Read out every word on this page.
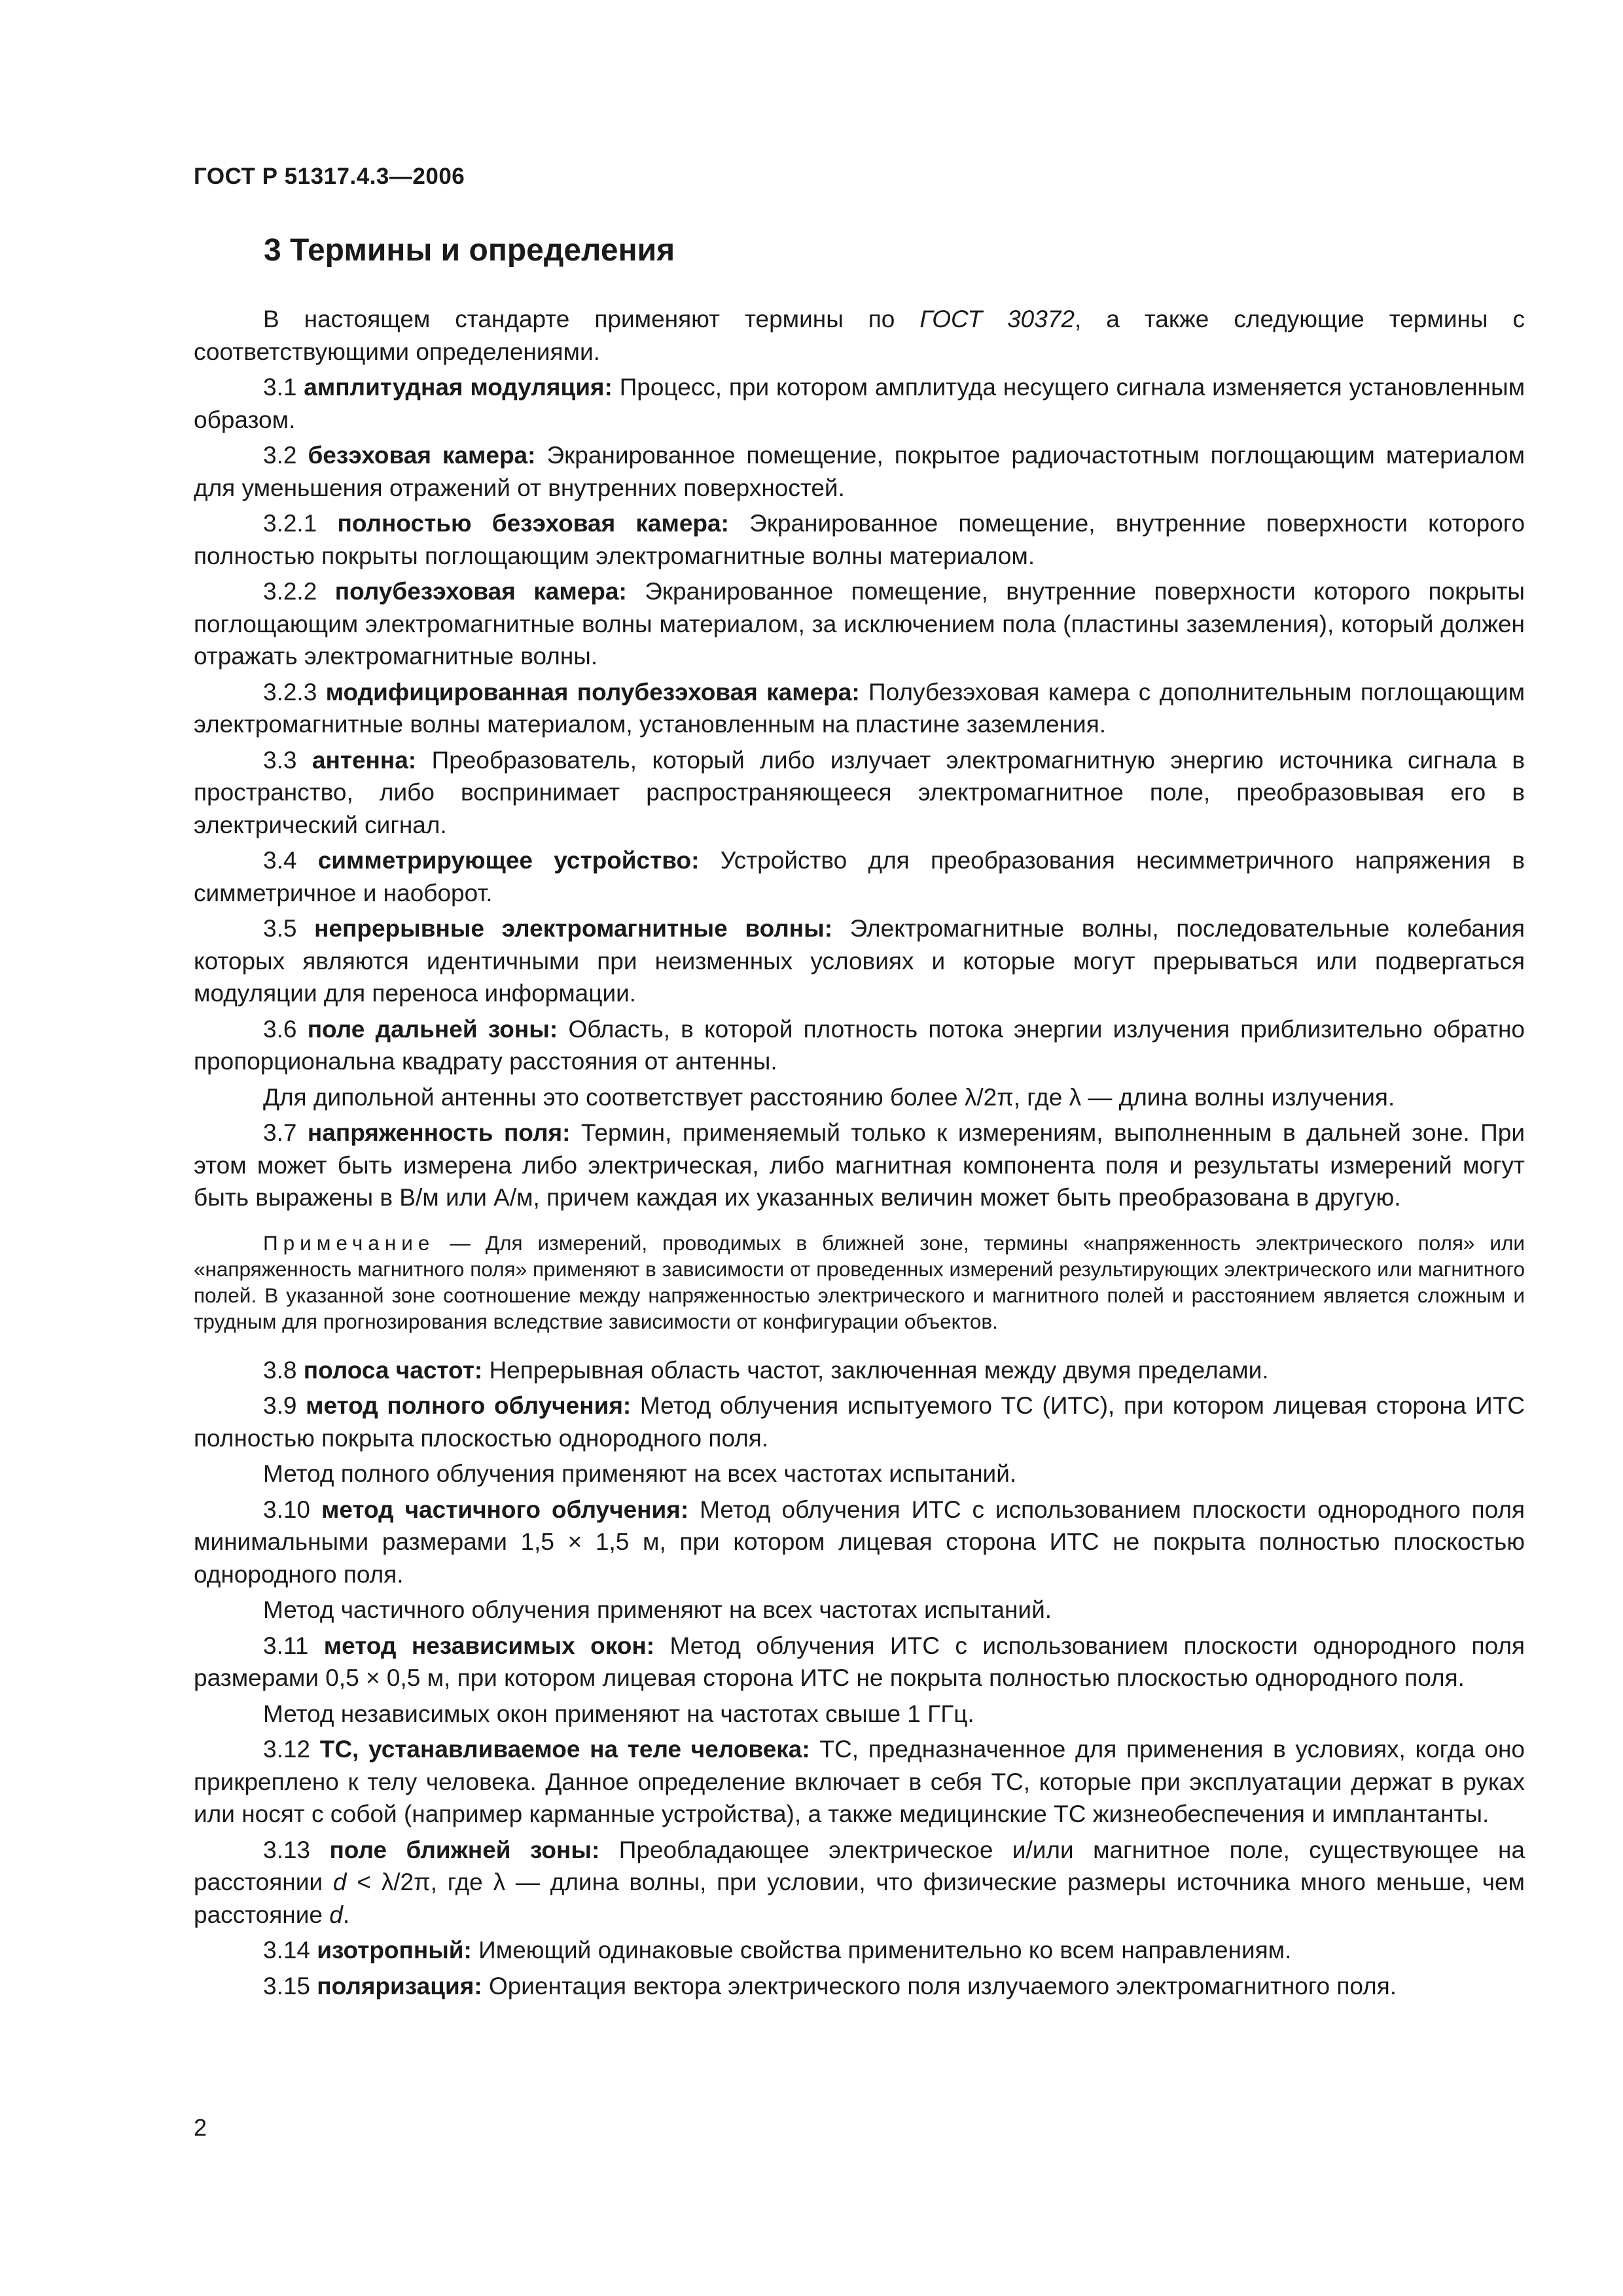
ГОСТ Р 51317.4.3—2006
3 Термины и определения

В настоящем стандарте применяют термины по ГОСТ 30372, а также следующие термины с соответствующими определениями.

3.1 амплитудная модуляция: Процесс, при котором амплитуда несущего сигнала изменяется установленным образом.

3.2 безэховая камера: Экранированное помещение, покрытое радиочастотным поглощающим материалом для уменьшения отражений от внутренних поверхностей.

3.2.1 полностью безэховая камера: Экранированное помещение, внутренние поверхности которого полностью покрыты поглощающим электромагнитные волны материалом.

3.2.2 полубезэховая камера: Экранированное помещение, внутренние поверхности которого покрыты поглощающим электромагнитные волны материалом, за исключением пола (пластины заземления), который должен отражать электромагнитные волны.

3.2.3 модифицированная полубезэховая камера: Полубезэховая камера с дополнительным поглощающим электромагнитные волны материалом, установленным на пластине заземления.

3.3 антенна: Преобразователь, который либо излучает электромагнитную энергию источника сигнала в пространство, либо воспринимает распространяющееся электромагнитное поле, преобразовывая его в электрический сигнал.

3.4 симметрирующее устройство: Устройство для преобразования несимметричного напряжения в симметричное и наоборот.

3.5 непрерывные электромагнитные волны: Электромагнитные волны, последовательные колебания которых являются идентичными при неизменных условиях и которые могут прерываться или подвергаться модуляции для переноса информации.

3.6 поле дальней зоны: Область, в которой плотность потока энергии излучения приблизительно обратно пропорциональна квадрату расстояния от антенны.

Для дипольной антенны это соответствует расстоянию более λ/2π, где λ — длина волны излучения.

3.7 напряженность поля: Термин, применяемый только к измерениям, выполненным в дальней зоне. При этом может быть измерена либо электрическая, либо магнитная компонента поля и результаты измерений могут быть выражены в В/м или А/м, причем каждая их указанных величин может быть преобразована в другую.

Примечание — Для измерений, проводимых в ближней зоне, термины «напряженность электрического поля» или «напряженность магнитного поля» применяют в зависимости от проведенных измерений результирующих электрического или магнитного полей. В указанной зоне соотношение между напряженностью электрического и магнитного полей и расстоянием является сложным и трудным для прогнозирования вследствие зависимости от конфигурации объектов.

3.8 полоса частот: Непрерывная область частот, заключенная между двумя пределами.

3.9 метод полного облучения: Метод облучения испытуемого ТС (ИТС), при котором лицевая сторона ИТС полностью покрыта плоскостью однородного поля.

Метод полного облучения применяют на всех частотах испытаний.

3.10 метод частичного облучения: Метод облучения ИТС с использованием плоскости однородного поля минимальными размерами 1,5 × 1,5 м, при котором лицевая сторона ИТС не покрыта полностью плоскостью однородного поля.

Метод частичного облучения применяют на всех частотах испытаний.

3.11 метод независимых окон: Метод облучения ИТС с использованием плоскости однородного поля размерами 0,5 × 0,5 м, при котором лицевая сторона ИТС не покрыта полностью плоскостью однородного поля.

Метод независимых окон применяют на частотах свыше 1 ГГц.

3.12 ТС, устанавливаемое на теле человека: ТС, предназначенное для применения в условиях, когда оно прикреплено к телу человека. Данное определение включает в себя ТС, которые при эксплуатации держат в руках или носят с собой (например карманные устройства), а также медицинские ТС жизнеобеспечения и имплантанты.

3.13 поле ближней зоны: Преобладающее электрическое и/или магнитное поле, существующее на расстоянии d < λ/2π, где λ — длина волны, при условии, что физические размеры источника много меньше, чем расстояние d.

3.14 изотропный: Имеющий одинаковые свойства применительно ко всем направлениям.

3.15 поляризация: Ориентация вектора электрического поля излучаемого электромагнитного поля.

2
